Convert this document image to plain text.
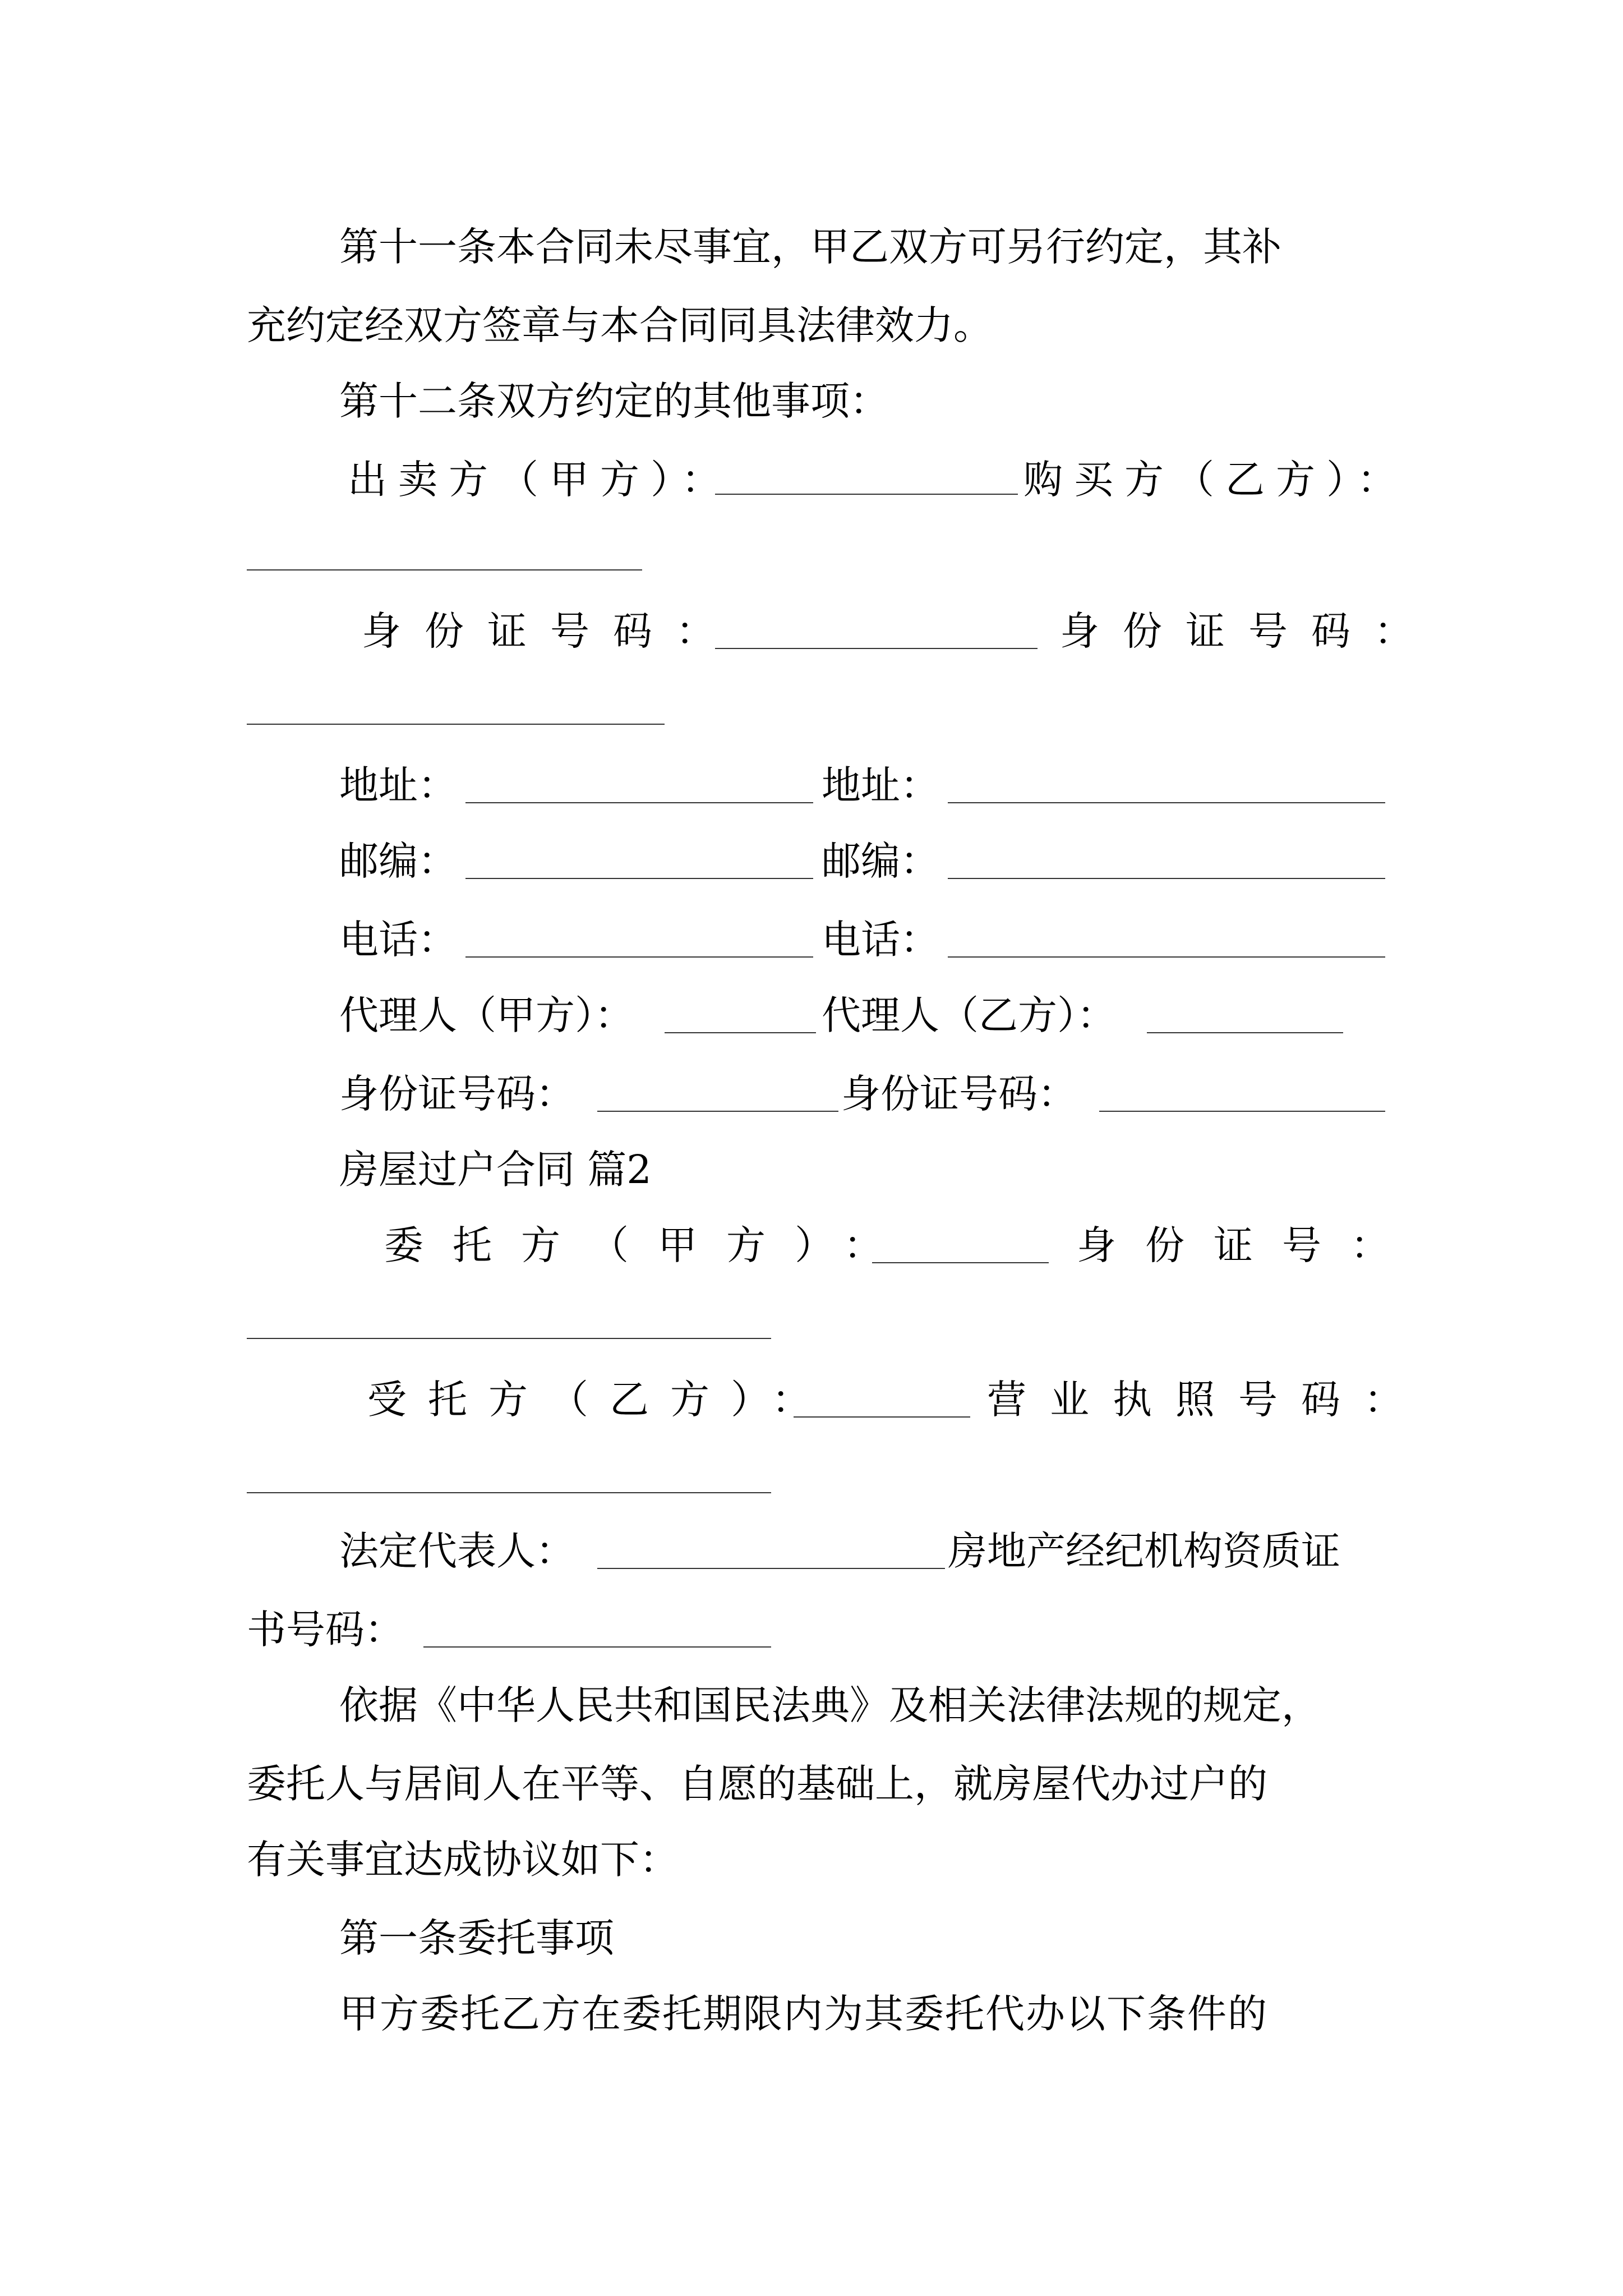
第十一条本合同未尽事宜，甲乙双方可另行约定，其补
充约定经双方签章与本合同同具法律效力。
第十二条双方约定的其他事项：
出卖方（甲方）：	购买方（乙方）：
身份证号码：	身份证号码：
地址：	地址：
邮编：	邮编：
电话：	电话：
代理人（甲方）：	代理人（乙方）：
身份证号码：	身份证号码：
房屋过户合同 篇2
委托方（甲方）：	身份证号：
受托方（乙方）：	营业执照号码：
法定代表人：	房地产经纪机构资质证
书号码：
依据《中华人民共和国民法典》及相关法律法规的规定，
委托人与居间人在平等、自愿的基础上，就房屋代办过户的
有关事宜达成协议如下：
第一条委托事项
甲方委托乙方在委托期限内为其委托代办以下条件的
